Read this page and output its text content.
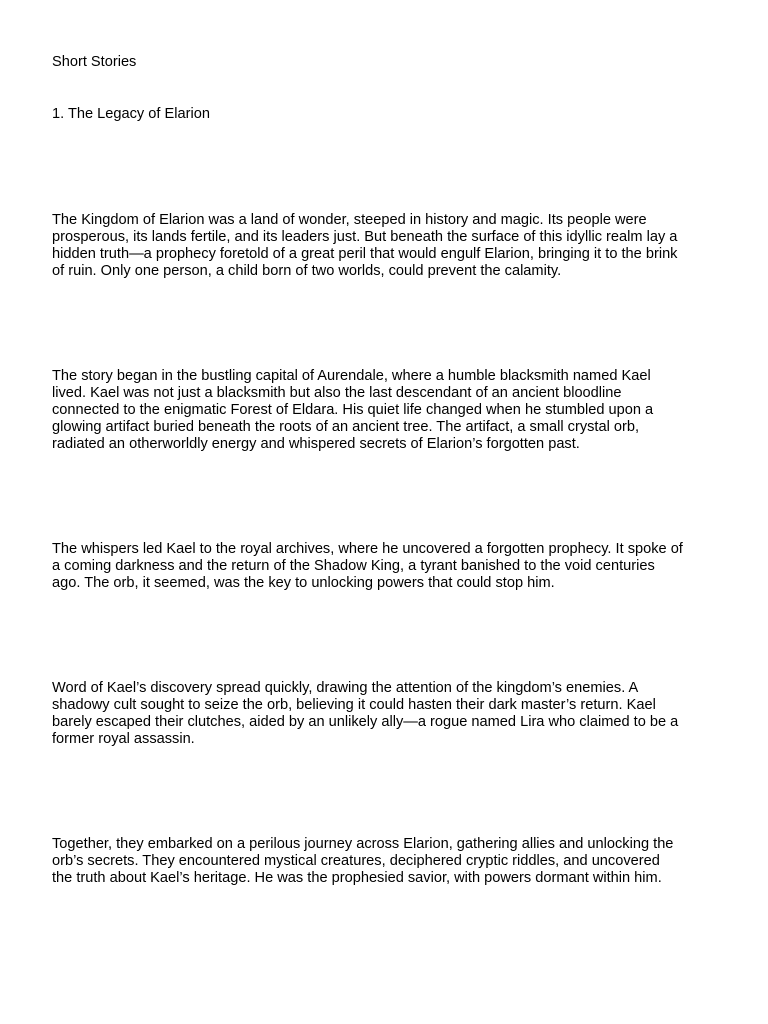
Short Stories

1. The Legacy of Elarion

The Kingdom of Elarion was a land of wonder, steeped in history and magic. Its people were
prosperous, its lands fertile, and its leaders just. But beneath the surface of this idyllic realm lay a
hidden truth—a prophecy foretold of a great peril that would engulf Elarion, bringing it to the brink
of ruin. Only one person, a child born of two worlds, could prevent the calamity.
The story began in the bustling capital of Aurendale, where a humble blacksmith named Kael
lived. Kael was not just a blacksmith but also the last descendant of an ancient bloodline
connected to the enigmatic Forest of Eldara. His quiet life changed when he stumbled upon a
glowing artifact buried beneath the roots of an ancient tree. The artifact, a small crystal orb,
radiated an otherworldly energy and whispered secrets of Elarion’s forgotten past.
The whispers led Kael to the royal archives, where he uncovered a forgotten prophecy. It spoke of
a coming darkness and the return of the Shadow King, a tyrant banished to the void centuries
ago. The orb, it seemed, was the key to unlocking powers that could stop him.
Word of Kael’s discovery spread quickly, drawing the attention of the kingdom’s enemies. A
shadowy cult sought to seize the orb, believing it could hasten their dark master’s return. Kael
barely escaped their clutches, aided by an unlikely ally—a rogue named Lira who claimed to be a
former royal assassin.
Together, they embarked on a perilous journey across Elarion, gathering allies and unlocking the
orb’s secrets. They encountered mystical creatures, deciphered cryptic riddles, and uncovered
the truth about Kael’s heritage. He was the prophesied savior, with powers dormant within him.
